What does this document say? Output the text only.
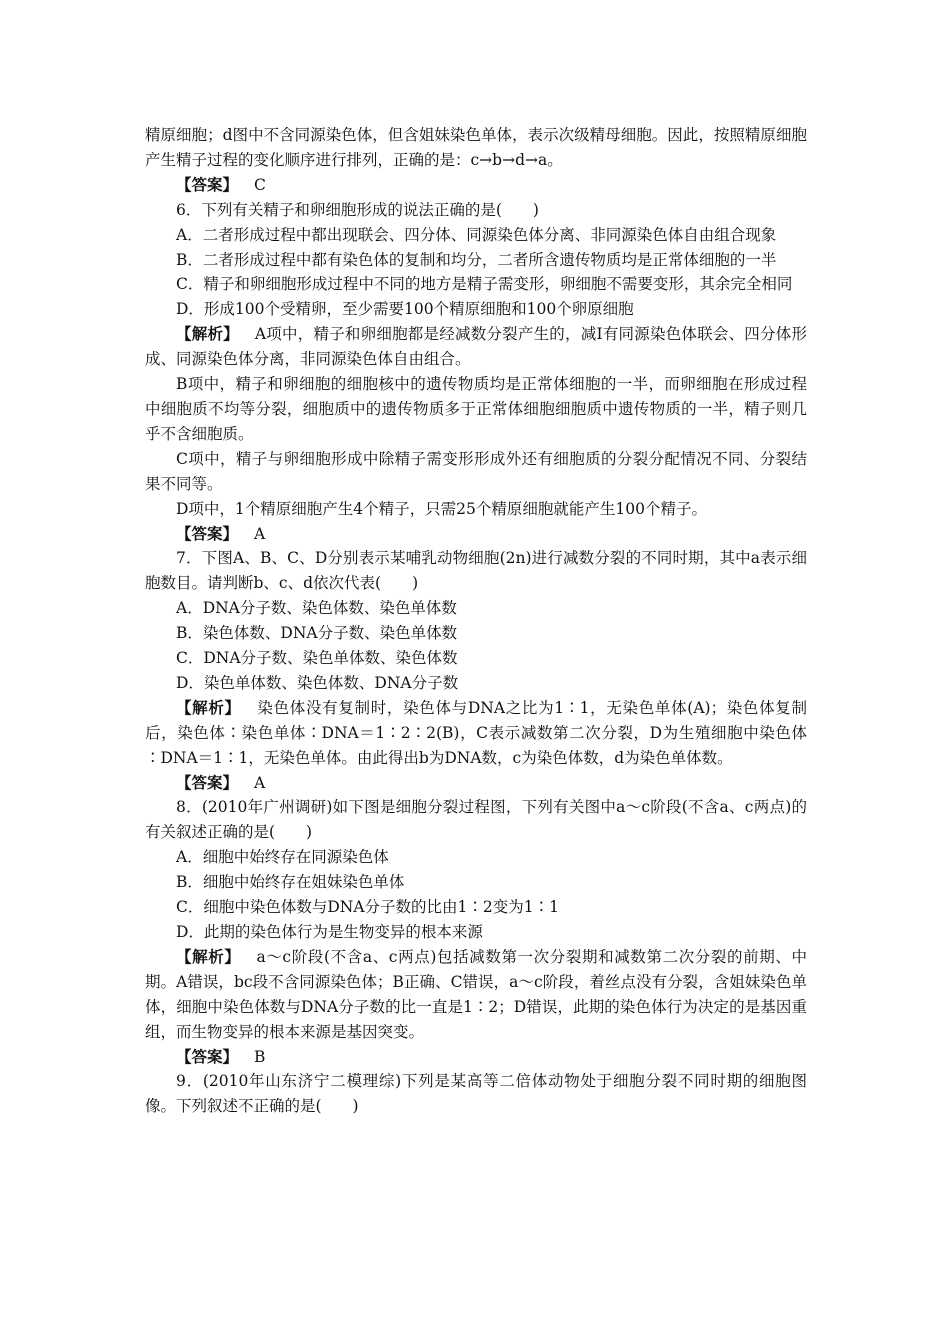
精原细胞；d图中不含同源染色体，但含姐妹染色单体，表示次级精母细胞。因此，按照精原细胞产生精子过程的变化顺序进行排列，正确的是：c→b→d→a。

【答案】 C

6．下列有关精子和卵细胞形成的说法正确的是(　　)

A．二者形成过程中都出现联会、四分体、同源染色体分离、非同源染色体自由组合现象

B．二者形成过程中都有染色体的复制和均分，二者所含遗传物质均是正常体细胞的一半

C．精子和卵细胞形成过程中不同的地方是精子需变形，卵细胞不需要变形，其余完全相同

D．形成100个受精卵，至少需要100个精原细胞和100个卵原细胞

【解析】 A项中，精子和卵细胞都是经减数分裂产生的，减Ⅰ有同源染色体联会、四分体形成、同源染色体分离，非同源染色体自由组合。

B项中，精子和卵细胞的细胞核中的遗传物质均是正常体细胞的一半，而卵细胞在形成过程中细胞质不均等分裂，细胞质中的遗传物质多于正常体细胞细胞质中遗传物质的一半，精子则几乎不含细胞质。

C项中，精子与卵细胞形成中除精子需变形形成外还有细胞质的分裂分配情况不同、分裂结果不同等。

D项中，1个精原细胞产生4个精子，只需25个精原细胞就能产生100个精子。

【答案】 A

7．下图A、B、C、D分别表示某哺乳动物细胞(2n)进行减数分裂的不同时期，其中a表示细胞数目。请判断b、c、d依次代表(　　)

A．DNA分子数、染色体数、染色单体数

B．染色体数、DNA分子数、染色单体数

C．DNA分子数、染色单体数、染色体数

D．染色单体数、染色体数、DNA分子数

【解析】 染色体没有复制时，染色体与DNA之比为1∶1，无染色单体(A)；染色体复制后，染色体∶染色单体∶DNA＝1∶2∶2(B)，C表示减数第二次分裂，D为生殖细胞中染色体∶DNA＝1∶1，无染色单体。由此得出b为DNA数，c为染色体数，d为染色单体数。

【答案】 A

8．(2010年广州调研)如下图是细胞分裂过程图，下列有关图中a～c阶段(不含a、c两点)的有关叙述正确的是(　　)

A．细胞中始终存在同源染色体

B．细胞中始终存在姐妹染色单体

C．细胞中染色体数与DNA分子数的比由1∶2变为1∶1

D．此期的染色体行为是生物变异的根本来源

【解析】 a～c阶段(不含a、c两点)包括减数第一次分裂期和减数第二次分裂的前期、中期。A错误，bc段不含同源染色体；B正确、C错误，a～c阶段，着丝点没有分裂，含姐妹染色单体，细胞中染色体数与DNA分子数的比一直是1∶2；D错误，此期的染色体行为决定的是基因重组，而生物变异的根本来源是基因突变。

【答案】 B

9．(2010年山东济宁二模理综)下列是某高等二倍体动物处于细胞分裂不同时期的细胞图像。下列叙述不正确的是(　　)
